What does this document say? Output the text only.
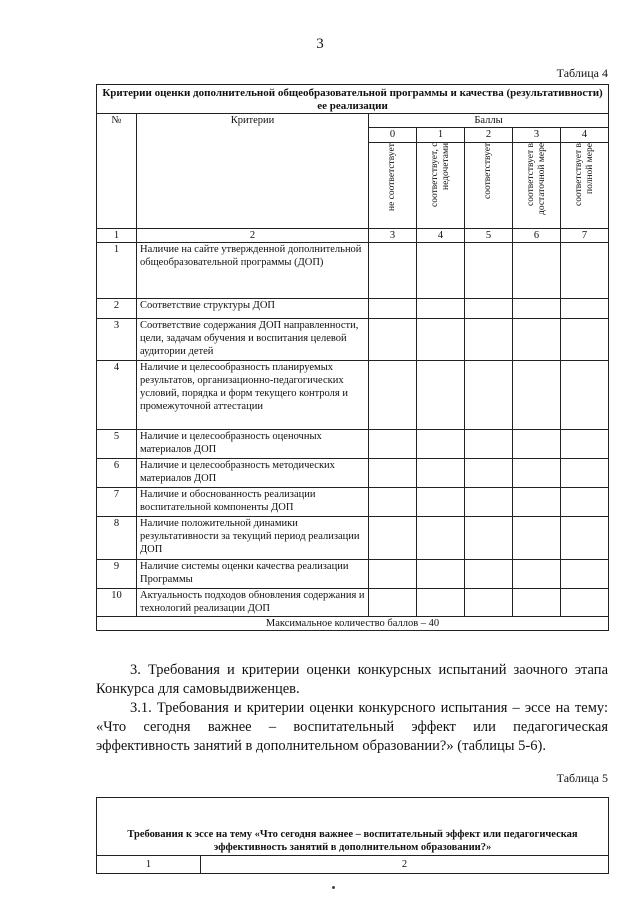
3
Таблица 4
Критерии оценки дополнительной общеобразовательной программы и качества (результативности) ее реализации						
№	Критерии	Баллы				
		0	1	2	3	4

		не соответствует	соответствует, с недочетами	соответствует	соответствует в достаточной мере	соответствует в полной мере

1	2	3	4	5	6	7
1	Наличие на сайте утвержденной дополнительной общеобразовательной программы (ДОП)					
2	Соответствие структуры ДОП					
3	Соответствие содержания ДОП направленности, цели, задачам обучения и воспитания целевой аудитории детей					
4	Наличие и целесообразность планируемых результатов, организационно-педагогических условий, порядка и форм текущего контроля и промежуточной аттестации					
5	Наличие и целесообразность оценочных материалов ДОП					
6	Наличие и целесообразность методических материалов ДОП					
7	Наличие и обоснованность реализации воспитательной компоненты ДОП					
8	Наличие положительной динамики результативности за текущий период реализации ДОП					
9	Наличие системы оценки качества реализации Программы					
10	Актуальность подходов обновления содержания и технологий реализации ДОП					
Максимальное количество баллов – 40						
3. Требования и критерии оценки конкурсных испытаний заочного этапа Конкурса для самовыдвиженцев.
3.1. Требования и критерии оценки конкурсного испытания – эссе на тему: «Что сегодня важнее – воспитательный эффект или педагогическая эффективность занятий в дополнительном образовании?» (таблицы 5-6).
Таблица 5

Требования к эссе на тему «Что сегодня важнее – воспитательный эффект или педагогическая эффективность занятий в дополнительном образовании?»
1	2
